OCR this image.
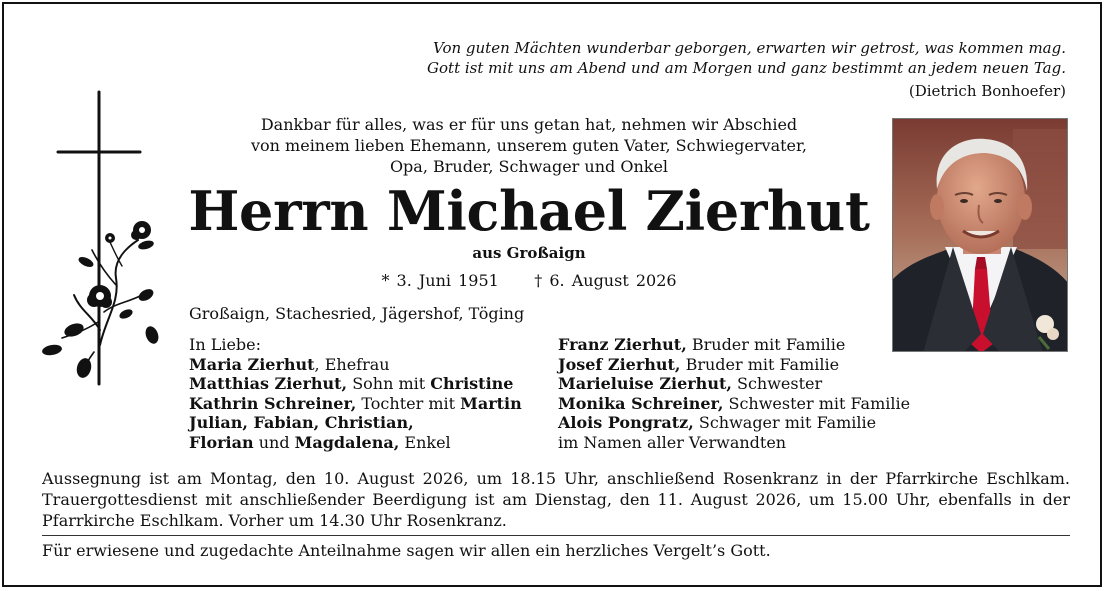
Von guten Mächten wunderbar geborgen, erwarten wir getrost, was kommen mag.
Gott ist mit uns am Abend und am Morgen und ganz bestimmt an jedem neuen Tag.
(Dietrich Bonhoefer)
Dankbar für alles, was er für uns getan hat, nehmen wir Abschied
von meinem lieben Ehemann, unserem guten Vater, Schwiegervater,
Opa, Bruder, Schwager und Onkel
Herrn Michael Zierhut
aus Großaign
* 3. Juni 1951 † 6. August 2026
Großaign, Stachesried, Jägershof, Töging
In Liebe:
Maria Zierhut, Ehefrau
Matthias Zierhut, Sohn mit Christine
Kathrin Schreiner, Tochter mit Martin
Julian, Fabian, Christian,
Florian und Magdalena, Enkel
Franz Zierhut, Bruder mit Familie
Josef Zierhut, Bruder mit Familie
Marieluise Zierhut, Schwester
Monika Schreiner, Schwester mit Familie
Alois Pongratz, Schwager mit Familie
im Namen aller Verwandten
Aussegnung ist am Montag, den 10. August 2026, um 18.15 Uhr, anschließend Rosenkranz in der Pfarrkirche Eschlkam. Trauergottesdienst mit anschließender Beerdigung ist am Dienstag, den 11. August 2026, um 15.00 Uhr, ebenfalls in der Pfarrkirche Eschlkam. Vorher um 14.30 Uhr Rosenkranz.
Für erwiesene und zugedachte Anteilnahme sagen wir allen ein herzliches Vergelt’s Gott.
